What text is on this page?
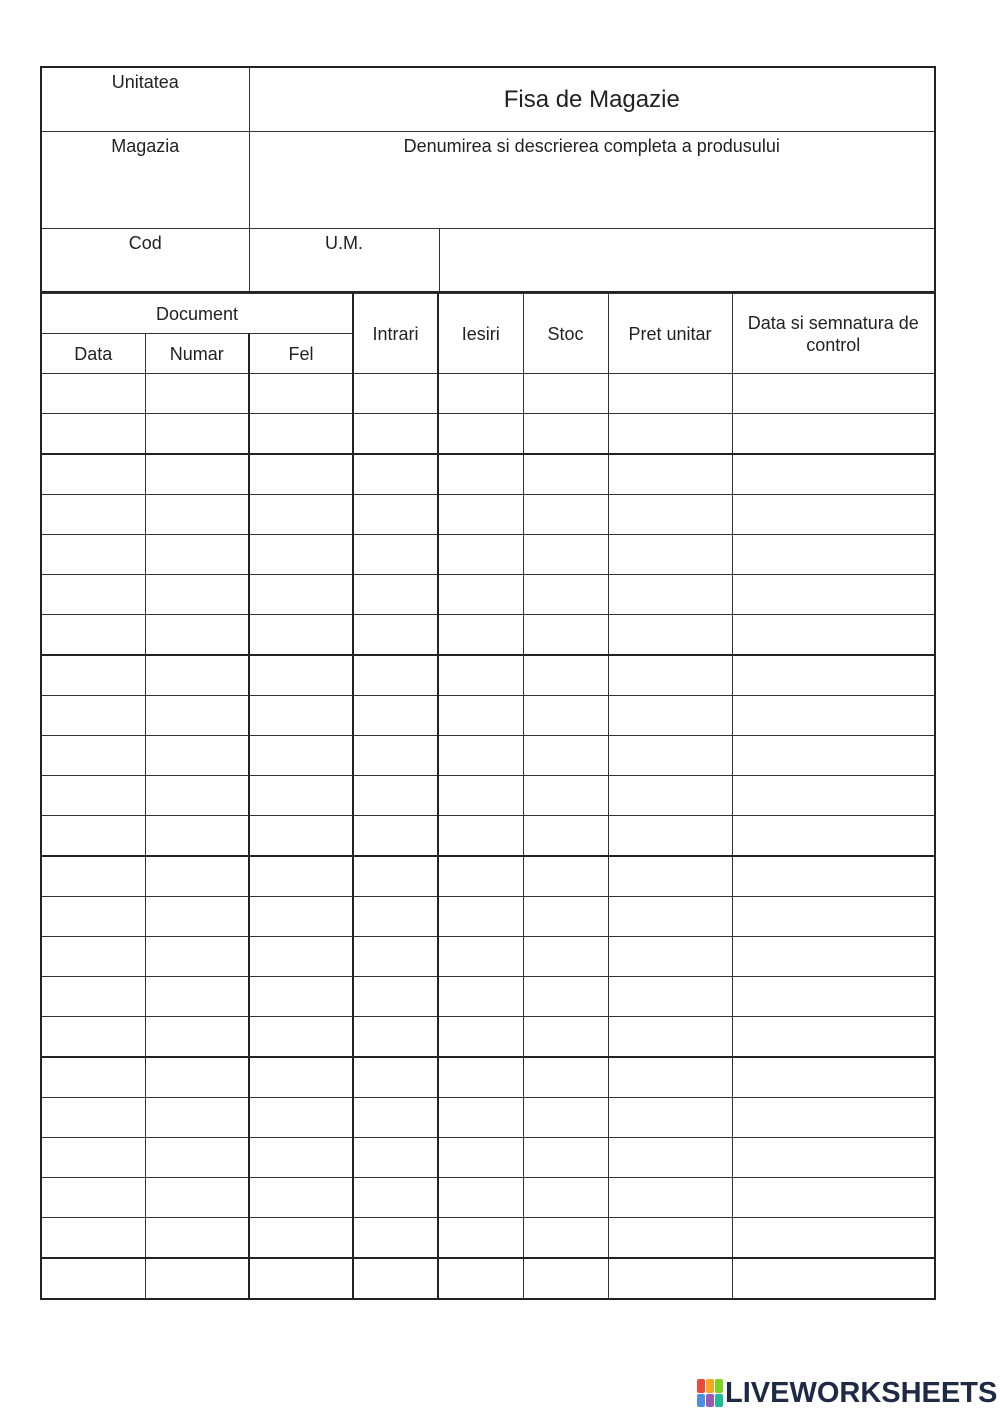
Unitatea	Fisa de Magazie	

Magazia	Denumirea si descrierea completa a produsului	

Cod	U.M.	

Document			Intrari	Iesiri	Stoc	Pret unitar	Data si semnatura de control
Data	Numar	Fel					

LIVEWORKSHEETS
